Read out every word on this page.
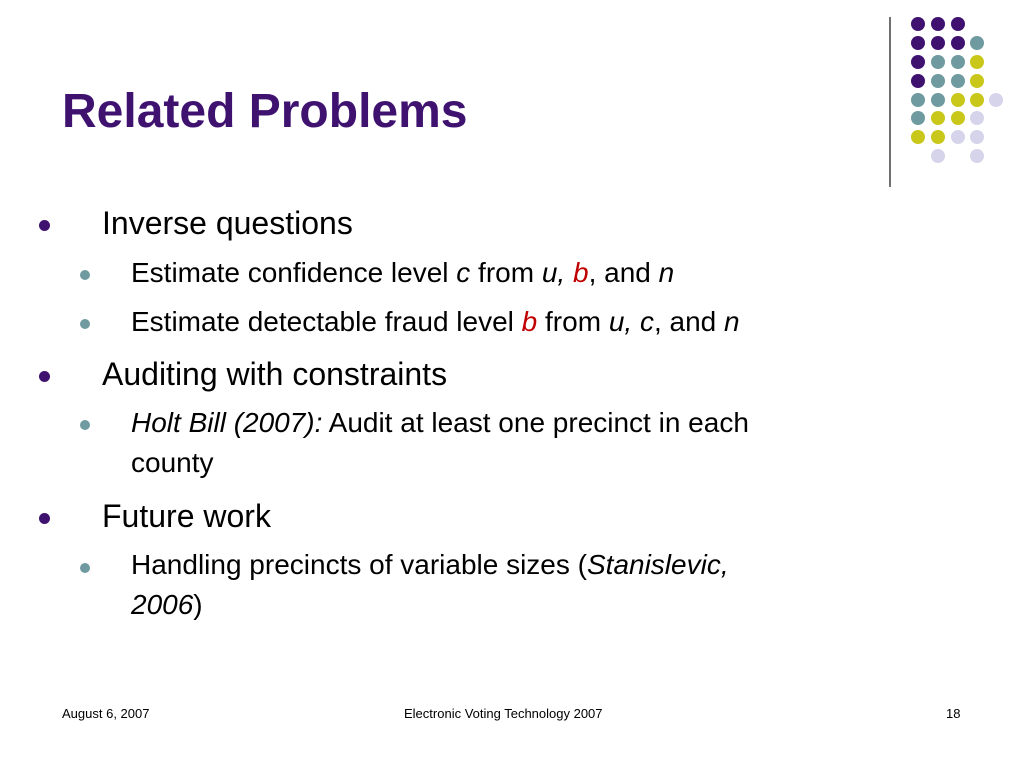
Related Problems
Inverse questions
Estimate confidence level c from u, b, and n
Estimate detectable fraud level b from u, c, and n
Auditing with constraints
Holt Bill (2007): Audit at least one precinct in each
county
Future work
Handling precincts of variable sizes (Stanislevic,
2006)
August 6, 2007	Electronic Voting Technology 2007	18
